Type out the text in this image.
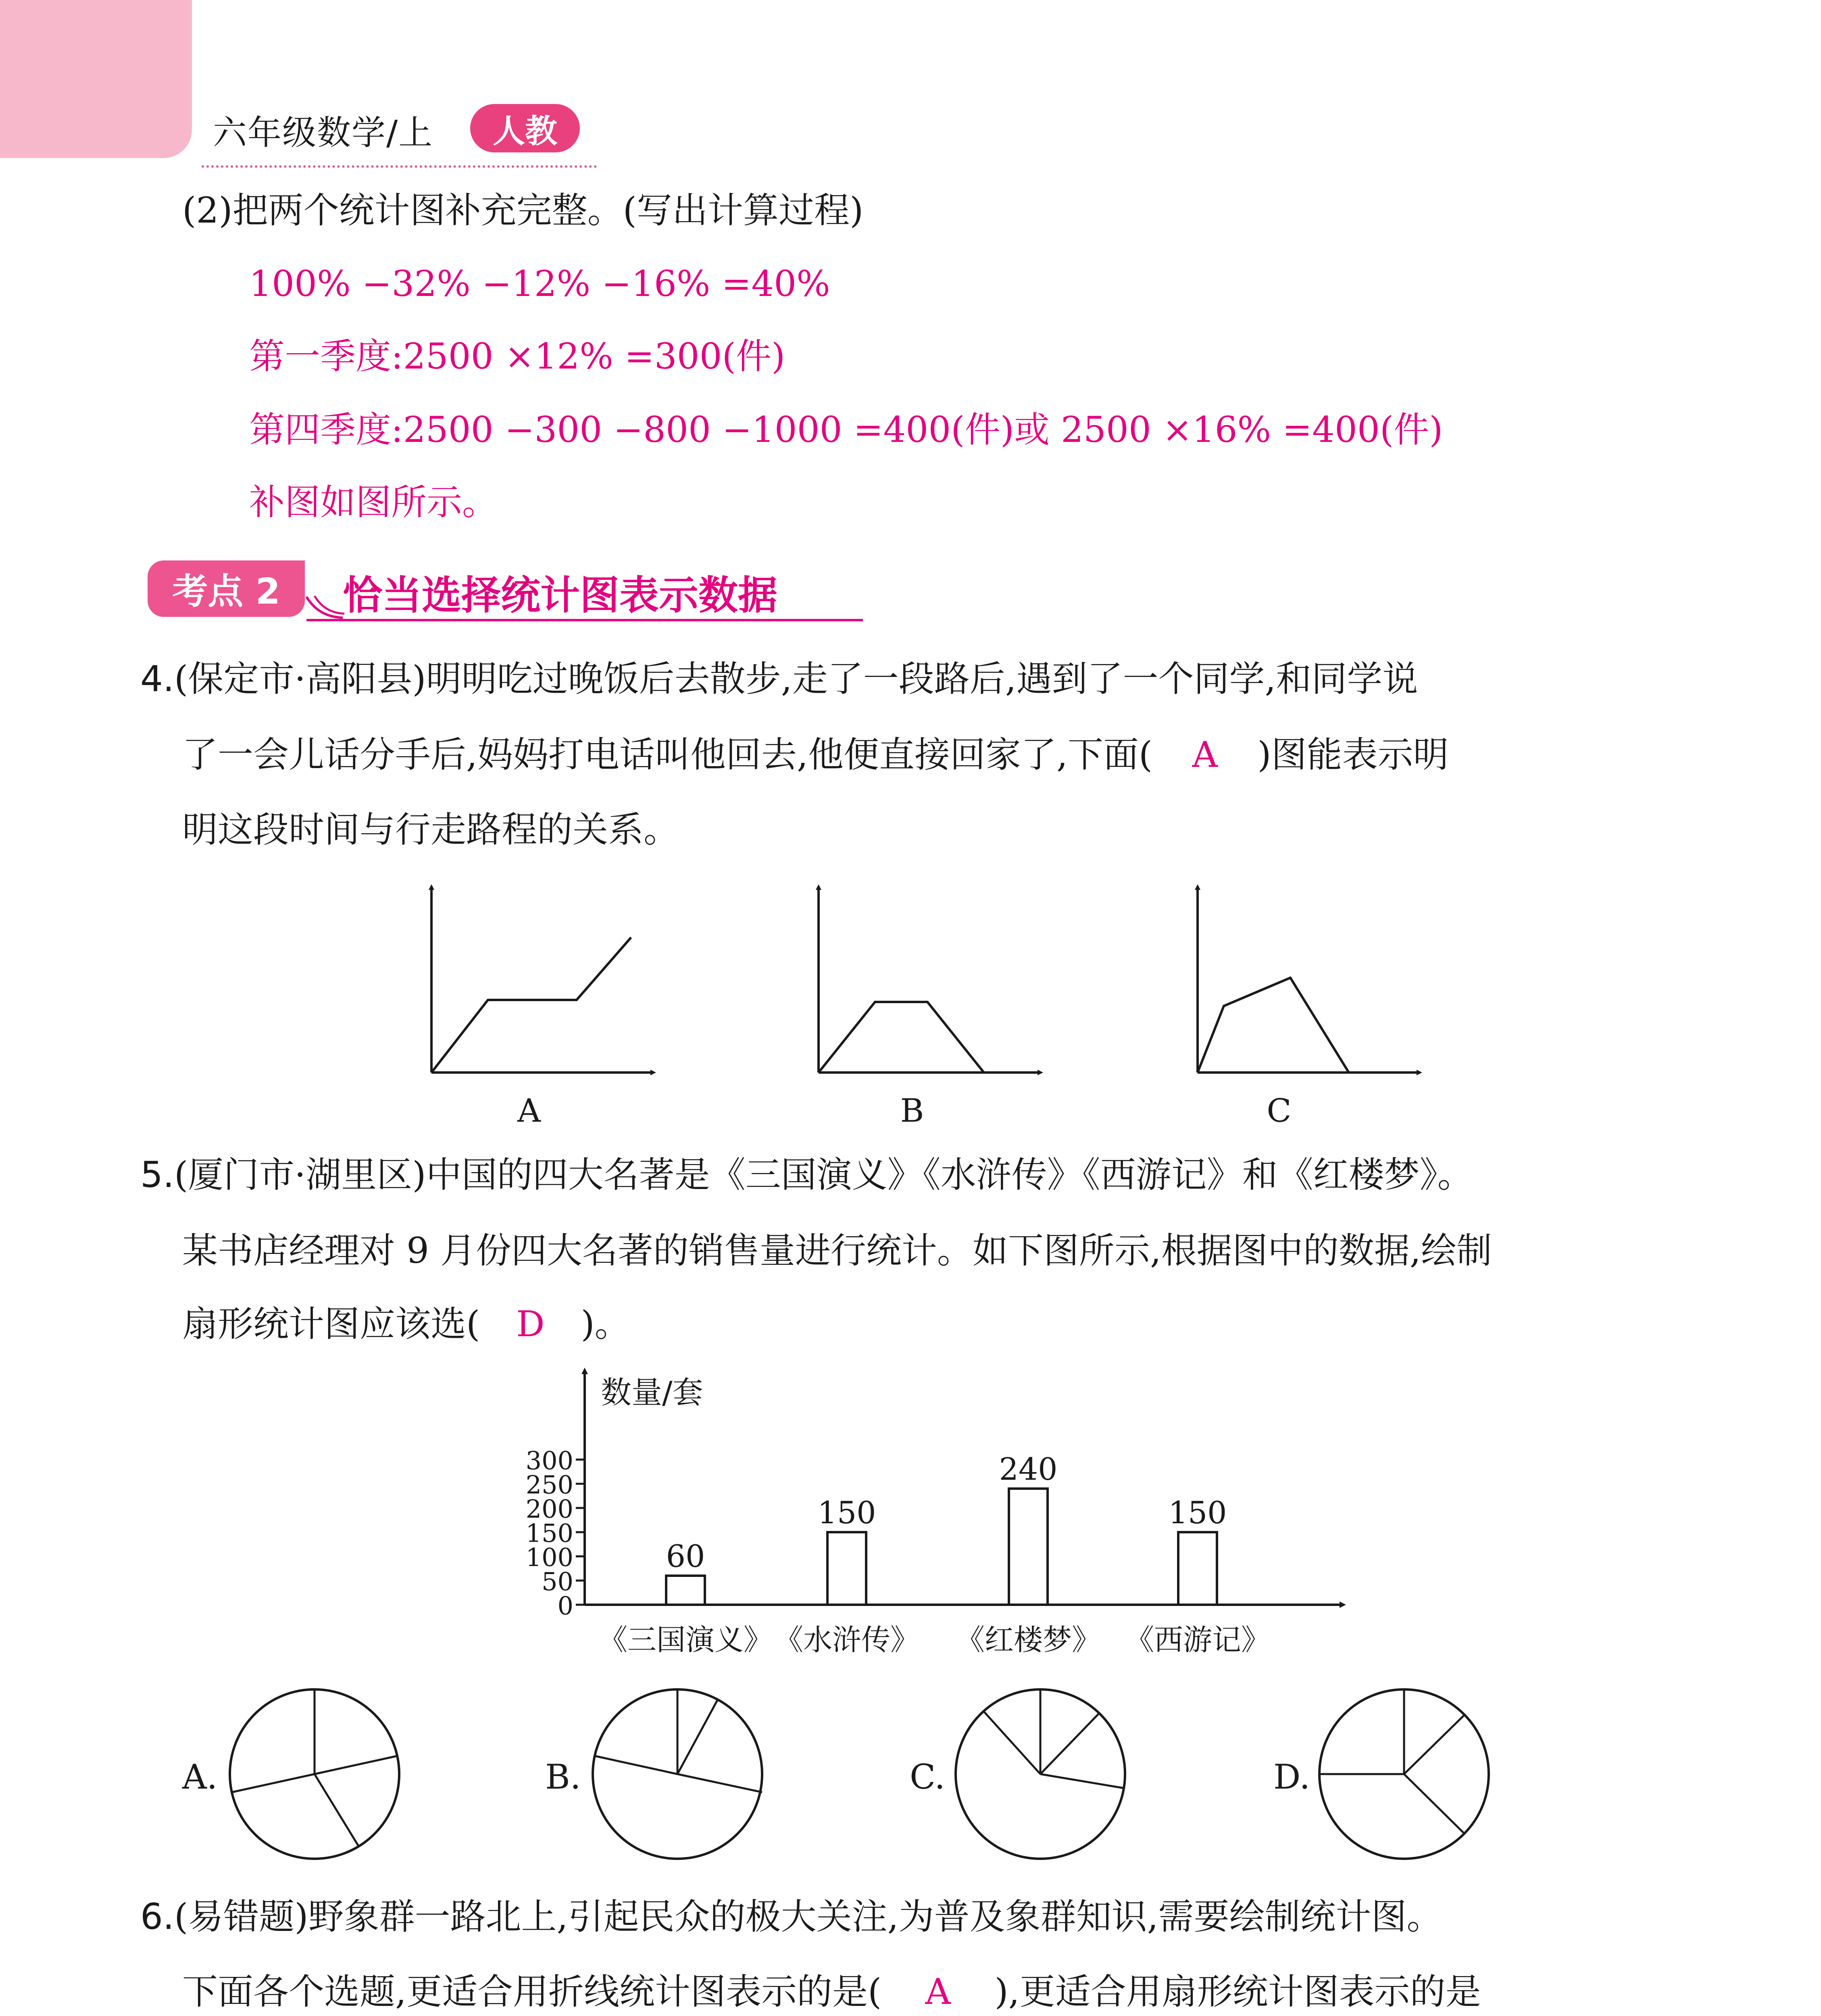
六年级数学/上	人教
(2)把两个统计图补充完整。(写出计算过程)
100% −32% −12% −16% =40%
第一季度:2500 ×12% =300(件)
第四季度:2500 −300 −800 −1000 =400(件)或 2500 ×16% =400(件)
补图如图所示。
考点 2	恰当选择统计图表示数据
4.(保定市·高阳县)明明吃过晚饭后去散步,走了一段路后,遇到了一个同学,和同学说
了一会儿话分手后,妈妈打电话叫他回去,他便直接回家了,下面( A )图能表示明
明这段时间与行走路程的关系。
A	B	C
5.(厦门市·湖里区)中国的四大名著是《三国演义》《水浒传》《西游记》和《红楼梦》。
某书店经理对 9 月份四大名著的销售量进行统计。如下图所示,根据图中的数据,绘制
扇形统计图应该选( D )。
数量/套
0
50
100
150
200
250
300
60
150
240
150
《三国演义》 《水浒传》 《红楼梦》 《西游记》
A.	B.	C.	D.
6.(易错题)野象群一路北上,引起民众的极大关注,为普及象群知识,需要绘制统计图。
下面各个选题,更适合用折线统计图表示的是( A ),更适合用扇形统计图表示的是
